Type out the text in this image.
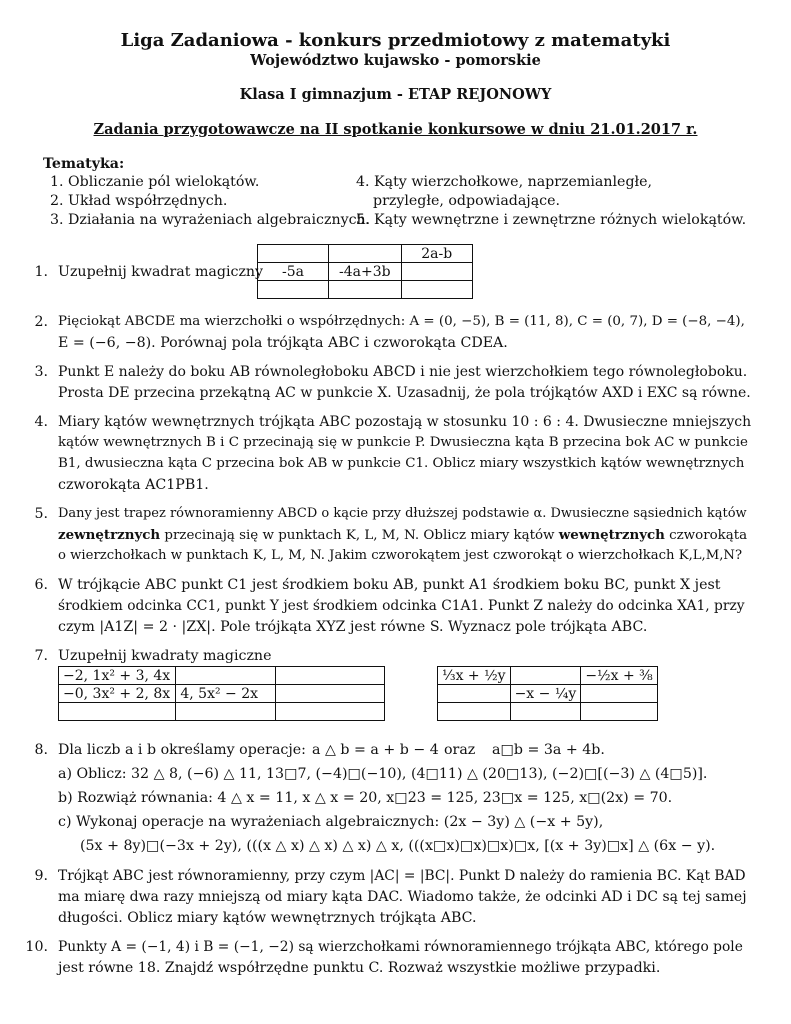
Liga Zadaniowa - konkurs przedmiotowy z matematyki
Województwo kujawsko - pomorskie
Klasa I gimnazjum - ETAP REJONOWY
Zadania przygotowawcze na II spotkanie konkursowe w dniu 21.01.2017 r.
Tematyka:
1. Obliczanie pól wielokątów.
2. Układ współrzędnych.
3. Działania na wyrażeniach algebraicznych.
4. Kąty wierzchołkowe, naprzemianległe,
przyległe, odpowiadające.
5. Kąty wewnętrzne i zewnętrzne różnych wielokątów.
1. Uzupełnij kwadrat magiczny
		2a-b
-5a	-4a+3b	

2. Pięciokąt ABCDE ma wierzchołki o współrzędnych: A = (0, −5), B = (11, 8), C = (0, 7), D = (−8, −4),
E = (−6, −8). Porównaj pola trójkąta ABC i czworokąta CDEA.
3. Punkt E należy do boku AB równoległoboku ABCD i nie jest wierzchołkiem tego równoległoboku.
Prosta DE przecina przekątną AC w punkcie X. Uzasadnij, że pola trójkątów AXD i EXC są równe.
4. Miary kątów wewnętrznych trójkąta ABC pozostają w stosunku 10 : 6 : 4. Dwusieczne mniejszych
kątów wewnętrznych B i C przecinają się w punkcie P. Dwusieczna kąta B przecina bok AC w punkcie
B1, dwusieczna kąta C przecina bok AB w punkcie C1. Oblicz miary wszystkich kątów wewnętrznych
czworokąta AC1PB1.
5. Dany jest trapez równoramienny ABCD o kącie przy dłuższej podstawie α. Dwusieczne sąsiednich kątów
zewnętrznych przecinają się w punktach K, L, M, N. Oblicz miary kątów wewnętrznych czworokąta
o wierzchołkach w punktach K, L, M, N. Jakim czworokątem jest czworokąt o wierzchołkach K,L,M,N?
6. W trójkącie ABC punkt C1 jest środkiem boku AB, punkt A1 środkiem boku BC, punkt X jest
środkiem odcinka CC1, punkt Y jest środkiem odcinka C1A1. Punkt Z należy do odcinka XA1, przy
czym |A1Z| = 2 · |ZX|. Pole trójkąta XYZ jest równe S. Wyznacz pole trójkąta ABC.
7. Uzupełnij kwadraty magiczne
−2, 1x² + 3, 4x		
−0, 3x² + 2, 8x	4, 5x² − 2x	

⅓x + ½y		−½x + ⅜
	−x − ¼y	

8. Dla liczb a i b określamy operacje: a △ b = a + b − 4 oraz a□b = 3a + 4b.
a) Oblicz: 32 △ 8, (−6) △ 11, 13□7, (−4)□(−10), (4□11) △ (20□13), (−2)□[(−3) △ (4□5)].
b) Rozwiąż równania: 4 △ x = 11, x △ x = 20, x□23 = 125, 23□x = 125, x□(2x) = 70.
c) Wykonaj operacje na wyrażeniach algebraicznych: (2x − 3y) △ (−x + 5y),
(5x + 8y)□(−3x + 2y), (((x △ x) △ x) △ x) △ x, (((x□x)□x)□x)□x, [(x + 3y)□x] △ (6x − y).
9. Trójkąt ABC jest równoramienny, przy czym |AC| = |BC|. Punkt D należy do ramienia BC. Kąt BAD
ma miarę dwa razy mniejszą od miary kąta DAC. Wiadomo także, że odcinki AD i DC są tej samej
długości. Oblicz miary kątów wewnętrznych trójkąta ABC.
10. Punkty A = (−1, 4) i B = (−1, −2) są wierzchołkami równoramiennego trójkąta ABC, którego pole
jest równe 18. Znajdź współrzędne punktu C. Rozważ wszystkie możliwe przypadki.
